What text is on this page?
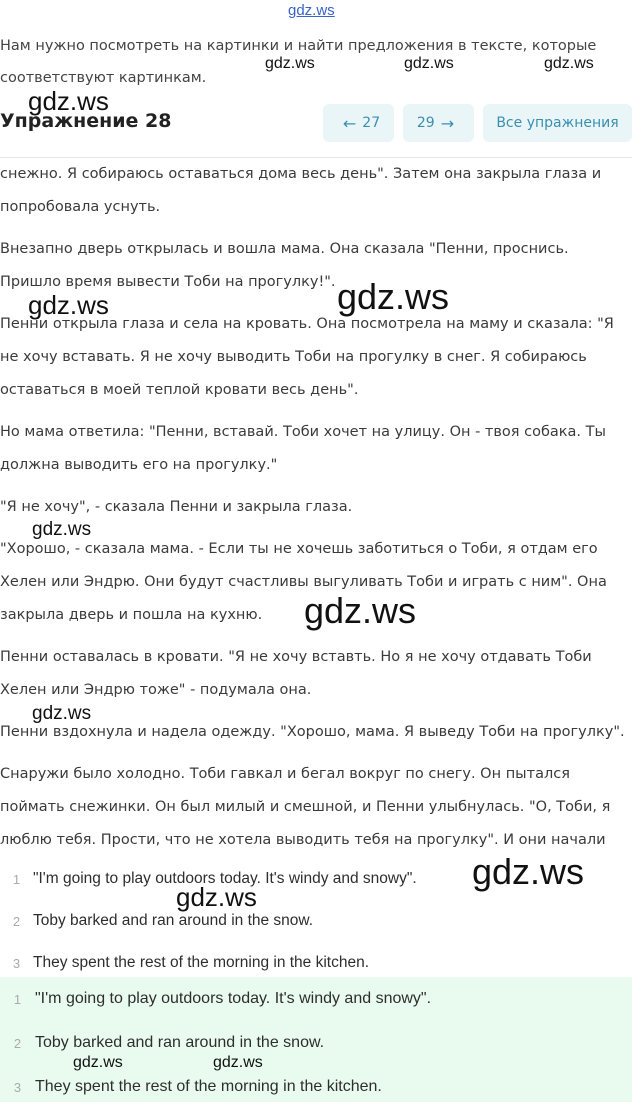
gdz.ws
Нам нужно посмотреть на картинки и найти предложения в тексте, которые соответствуют картинкам.
Упражнение 28	← 27	29 →	Все упражнения

снежно. Я собираюсь оставаться дома весь день". Затем она закрыла глаза и попробовала уснуть.

Внезапно дверь открылась и вошла мама. Она сказала "Пенни, проснись. Пришло время вывести Тоби на прогулку!".

Пенни открыла глаза и села на кровать. Она посмотрела на маму и сказала: "Я не хочу вставать. Я не хочу выводить Тоби на прогулку в снег. Я собираюсь оставаться в моей теплой кровати весь день".

Но мама ответила: "Пенни, вставай. Тоби хочет на улицу. Он - твоя собака. Ты должна выводить его на прогулку."

"Я не хочу", - сказала Пенни и закрыла глаза.

"Хорошо, - сказала мама. - Если ты не хочешь заботиться о Тоби, я отдам его Хелен или Эндрю. Они будут счастливы выгуливать Тоби и играть с ним". Она закрыла дверь и пошла на кухню.

Пенни оставалась в кровати. "Я не хочу вставть. Но я не хочу отдавать Тоби Хелен или Эндрю тоже" - подумала она.

Пенни вздохнула и надела одежду. "Хорошо, мама. Я выведу Тоби на прогулку".

Снаружи было холодно. Тоби гавкал и бегал вокруг по снегу. Он пытался поймать снежинки. Он был милый и смешной, и Пенни улыбнулась. "О, Тоби, я люблю тебя. Прости, что не хотела выводить тебя на прогулку". И они начали

1 "I'm going to play outdoors today. It's windy and snowy".
2 Toby barked and ran around in the snow.
3 They spent the rest of the morning in the kitchen.
1 "I'm going to play outdoors today. It's windy and snowy".
2 Toby barked and ran around in the snow.
3 They spent the rest of the morning in the kitchen.
gdz.ws	gdz.ws	gdz.ws
gdz.ws
gdz.ws	gdz.ws
gdz.ws
gdz.ws
gdz.ws
gdz.ws
gdz.ws
gdz.ws	gdz.ws
